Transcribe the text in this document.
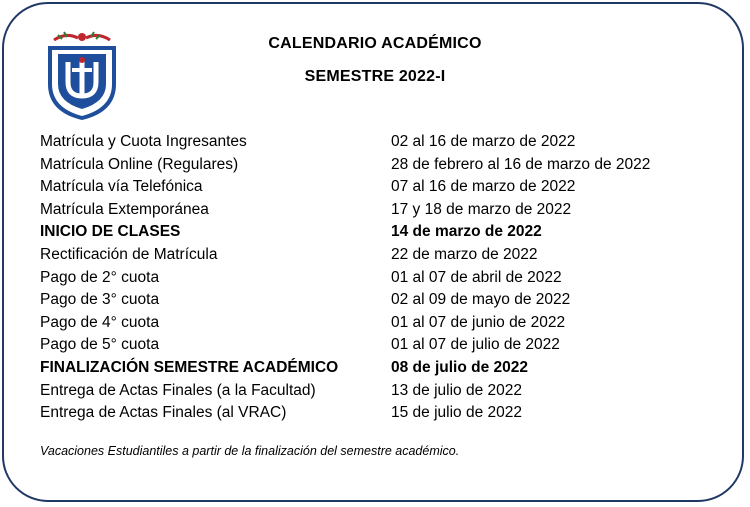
CALENDARIO ACADÉMICO
SEMESTRE 2022-I
Matrícula y Cuota Ingresantes	02 al 16 de marzo de 2022
Matrícula Online (Regulares)	28 de febrero al 16 de marzo de 2022
Matrícula vía Telefónica	07 al 16 de marzo de 2022
Matrícula Extemporánea	17 y 18 de marzo de 2022
INICIO DE CLASES	14 de marzo de 2022
Rectificación de Matrícula	22 de marzo de 2022
Pago de 2° cuota	01 al 07 de abril de 2022
Pago de 3° cuota	02 al 09 de mayo de 2022
Pago de 4° cuota	01 al 07 de junio de 2022
Pago de 5° cuota	01 al 07 de julio de 2022
FINALIZACIÓN SEMESTRE ACADÉMICO	08 de julio de 2022
Entrega de Actas Finales (a la Facultad)	13 de julio de 2022
Entrega de Actas Finales (al VRAC)	15 de julio de 2022
Vacaciones Estudiantiles a partir de la finalización del semestre académico.
